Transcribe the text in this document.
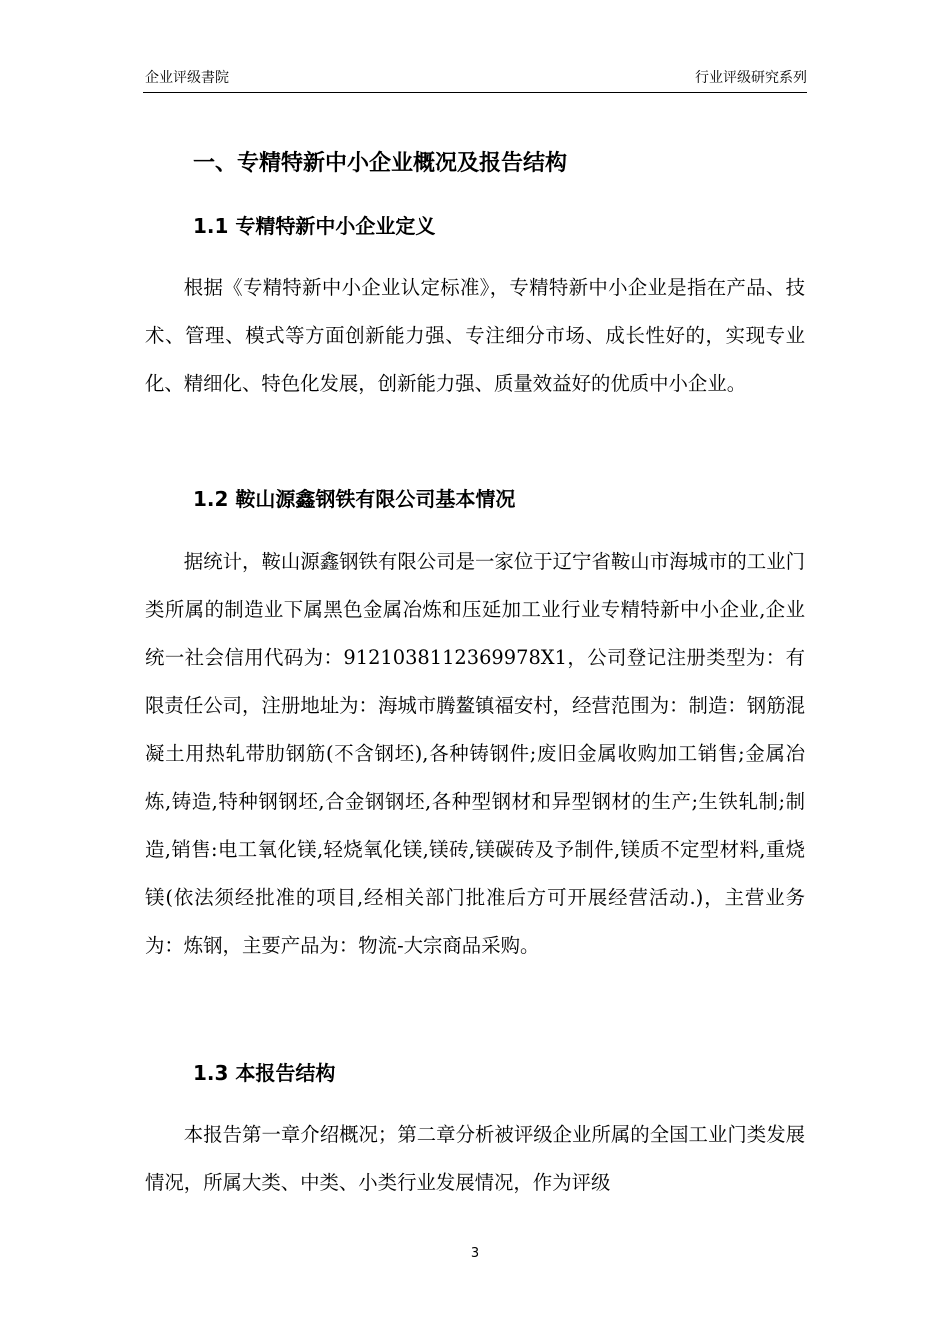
企业评级書院	行业评级研究系列
一、专精特新中小企业概况及报告结构
1.1 专精特新中小企业定义
根据《专精特新中小企业认定标准》，专精特新中小企业是指在产品、技术、管理、模式等方面创新能力强、专注细分市场、成长性好的，实现专业化、精细化、特色化发展，创新能力强、质量效益好的优质中小企业。
1.2 鞍山源鑫钢铁有限公司基本情况
据统计，鞍山源鑫钢铁有限公司是一家位于辽宁省鞍山市海城市的工业门类所属的制造业下属黑色金属冶炼和压延加工业行业专精特新中小企业,企业统一社会信用代码为：9121038112369978X1，公司登记注册类型为：有限责任公司，注册地址为：海城市腾鳌镇福安村，经营范围为：制造：钢筋混凝土用热轧带肋钢筋(不含钢坯),各种铸钢件;废旧金属收购加工销售;金属冶炼,铸造,特种钢钢坯,合金钢钢坯,各种型钢材和异型钢材的生产;生铁轧制;制造,销售:电工氧化镁,轻烧氧化镁,镁砖,镁碳砖及予制件,镁质不定型材料,重烧镁(依法须经批准的项目,经相关部门批准后方可开展经营活动.)，主营业务为：炼钢，主要产品为：物流-大宗商品采购。
1.3 本报告结构
本报告第一章介绍概况；第二章分析被评级企业所属的全国工业门类发展情况，所属大类、中类、小类行业发展情况，作为评级
3
